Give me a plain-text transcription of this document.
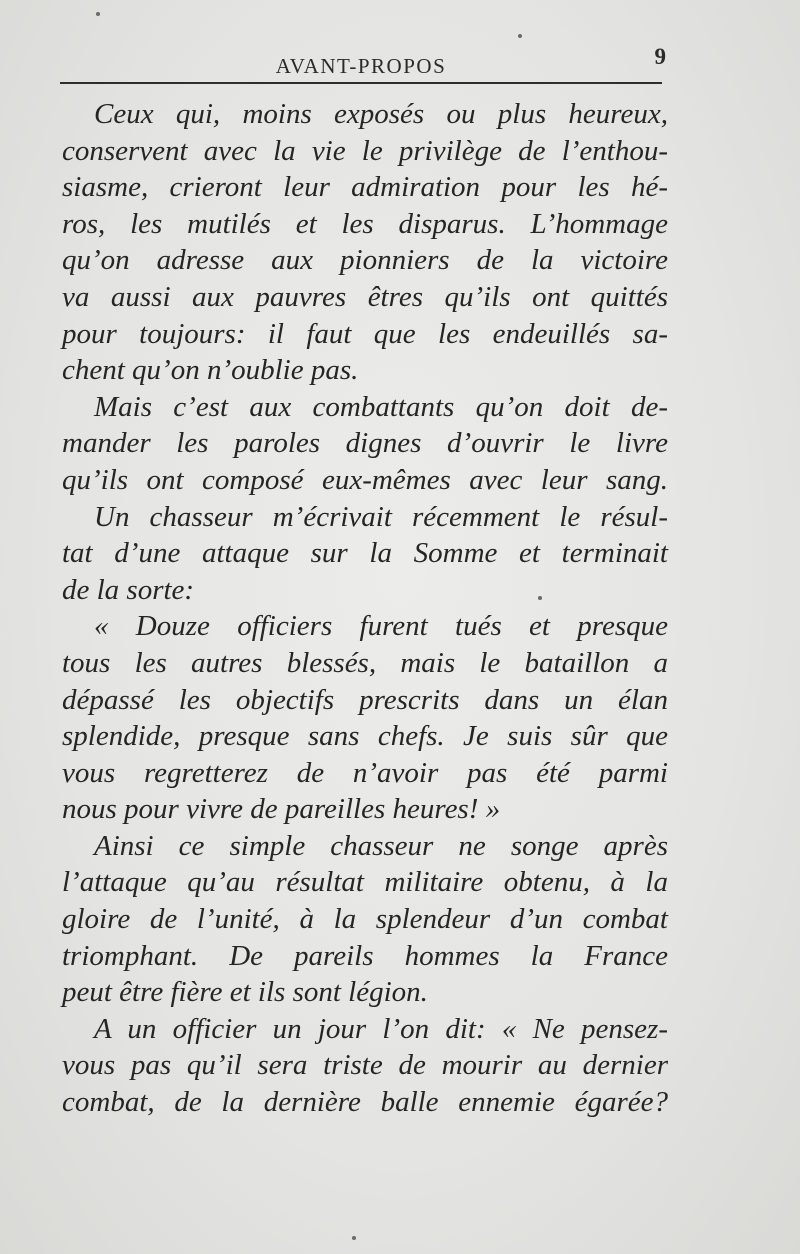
AVANT-PROPOS	9
Ceux qui, moins exposés ou plus heureux,
conservent avec la vie le privilège de l’enthou-
siasme, crieront leur admiration pour les hé-
ros, les mutilés et les disparus. L’hommage
qu’on adresse aux pionniers de la victoire
va aussi aux pauvres êtres qu’ils ont quittés
pour toujours: il faut que les endeuillés sa-
chent qu’on n’oublie pas.
Mais c’est aux combattants qu’on doit de-
mander les paroles dignes d’ouvrir le livre
qu’ils ont composé eux-mêmes avec leur sang.
Un chasseur m’écrivait récemment le résul-
tat d’une attaque sur la Somme et terminait
de la sorte:
« Douze officiers furent tués et presque
tous les autres blessés, mais le bataillon a
dépassé les objectifs prescrits dans un élan
splendide, presque sans chefs. Je suis sûr que
vous regretterez de n’avoir pas été parmi
nous pour vivre de pareilles heures! »
Ainsi ce simple chasseur ne songe après
l’attaque qu’au résultat militaire obtenu, à la
gloire de l’unité, à la splendeur d’un combat
triomphant. De pareils hommes la France
peut être fière et ils sont légion.
A un officier un jour l’on dit: « Ne pensez-
vous pas qu’il sera triste de mourir au dernier
combat, de la dernière balle ennemie égarée?
